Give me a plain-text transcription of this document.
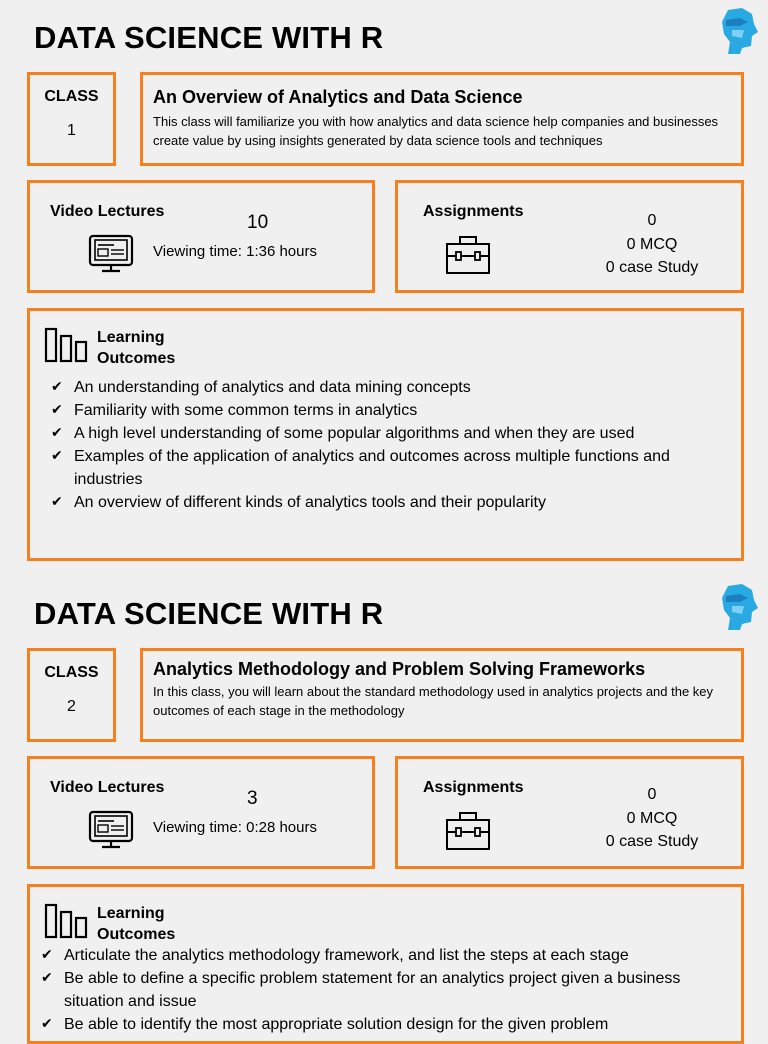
DATA SCIENCE WITH R
CLASS
1
An Overview of Analytics and Data Science
This class will familiarize you with how analytics and data science help companies and businesses create value by using insights generated by data science tools and techniques
Video Lectures
10
Viewing time: 1:36 hours
Assignments
0
0 MCQ
0 case Study
Learning
Outcomes
✔ An understanding of analytics and data mining concepts
✔ Familiarity with some common terms in analytics
✔ A high level understanding of some popular algorithms and when they are used
✔ Examples of the application of analytics and outcomes across multiple functions and industries
✔ An overview of different kinds of analytics tools and their popularity
DATA SCIENCE WITH R
CLASS
2
Analytics Methodology and Problem Solving Frameworks
In this class, you will learn about the standard methodology used in analytics projects and the key outcomes of each stage in the methodology
Video Lectures
3
Viewing time: 0:28 hours
Assignments	0
0 MCQ
0 case Study
Learning
Outcomes
✔ Articulate the analytics methodology framework, and list the steps at each stage
✔ Be able to define a specific problem statement for an analytics project given a business situation and issue
✔ Be able to identify the most appropriate solution design for the given problem
